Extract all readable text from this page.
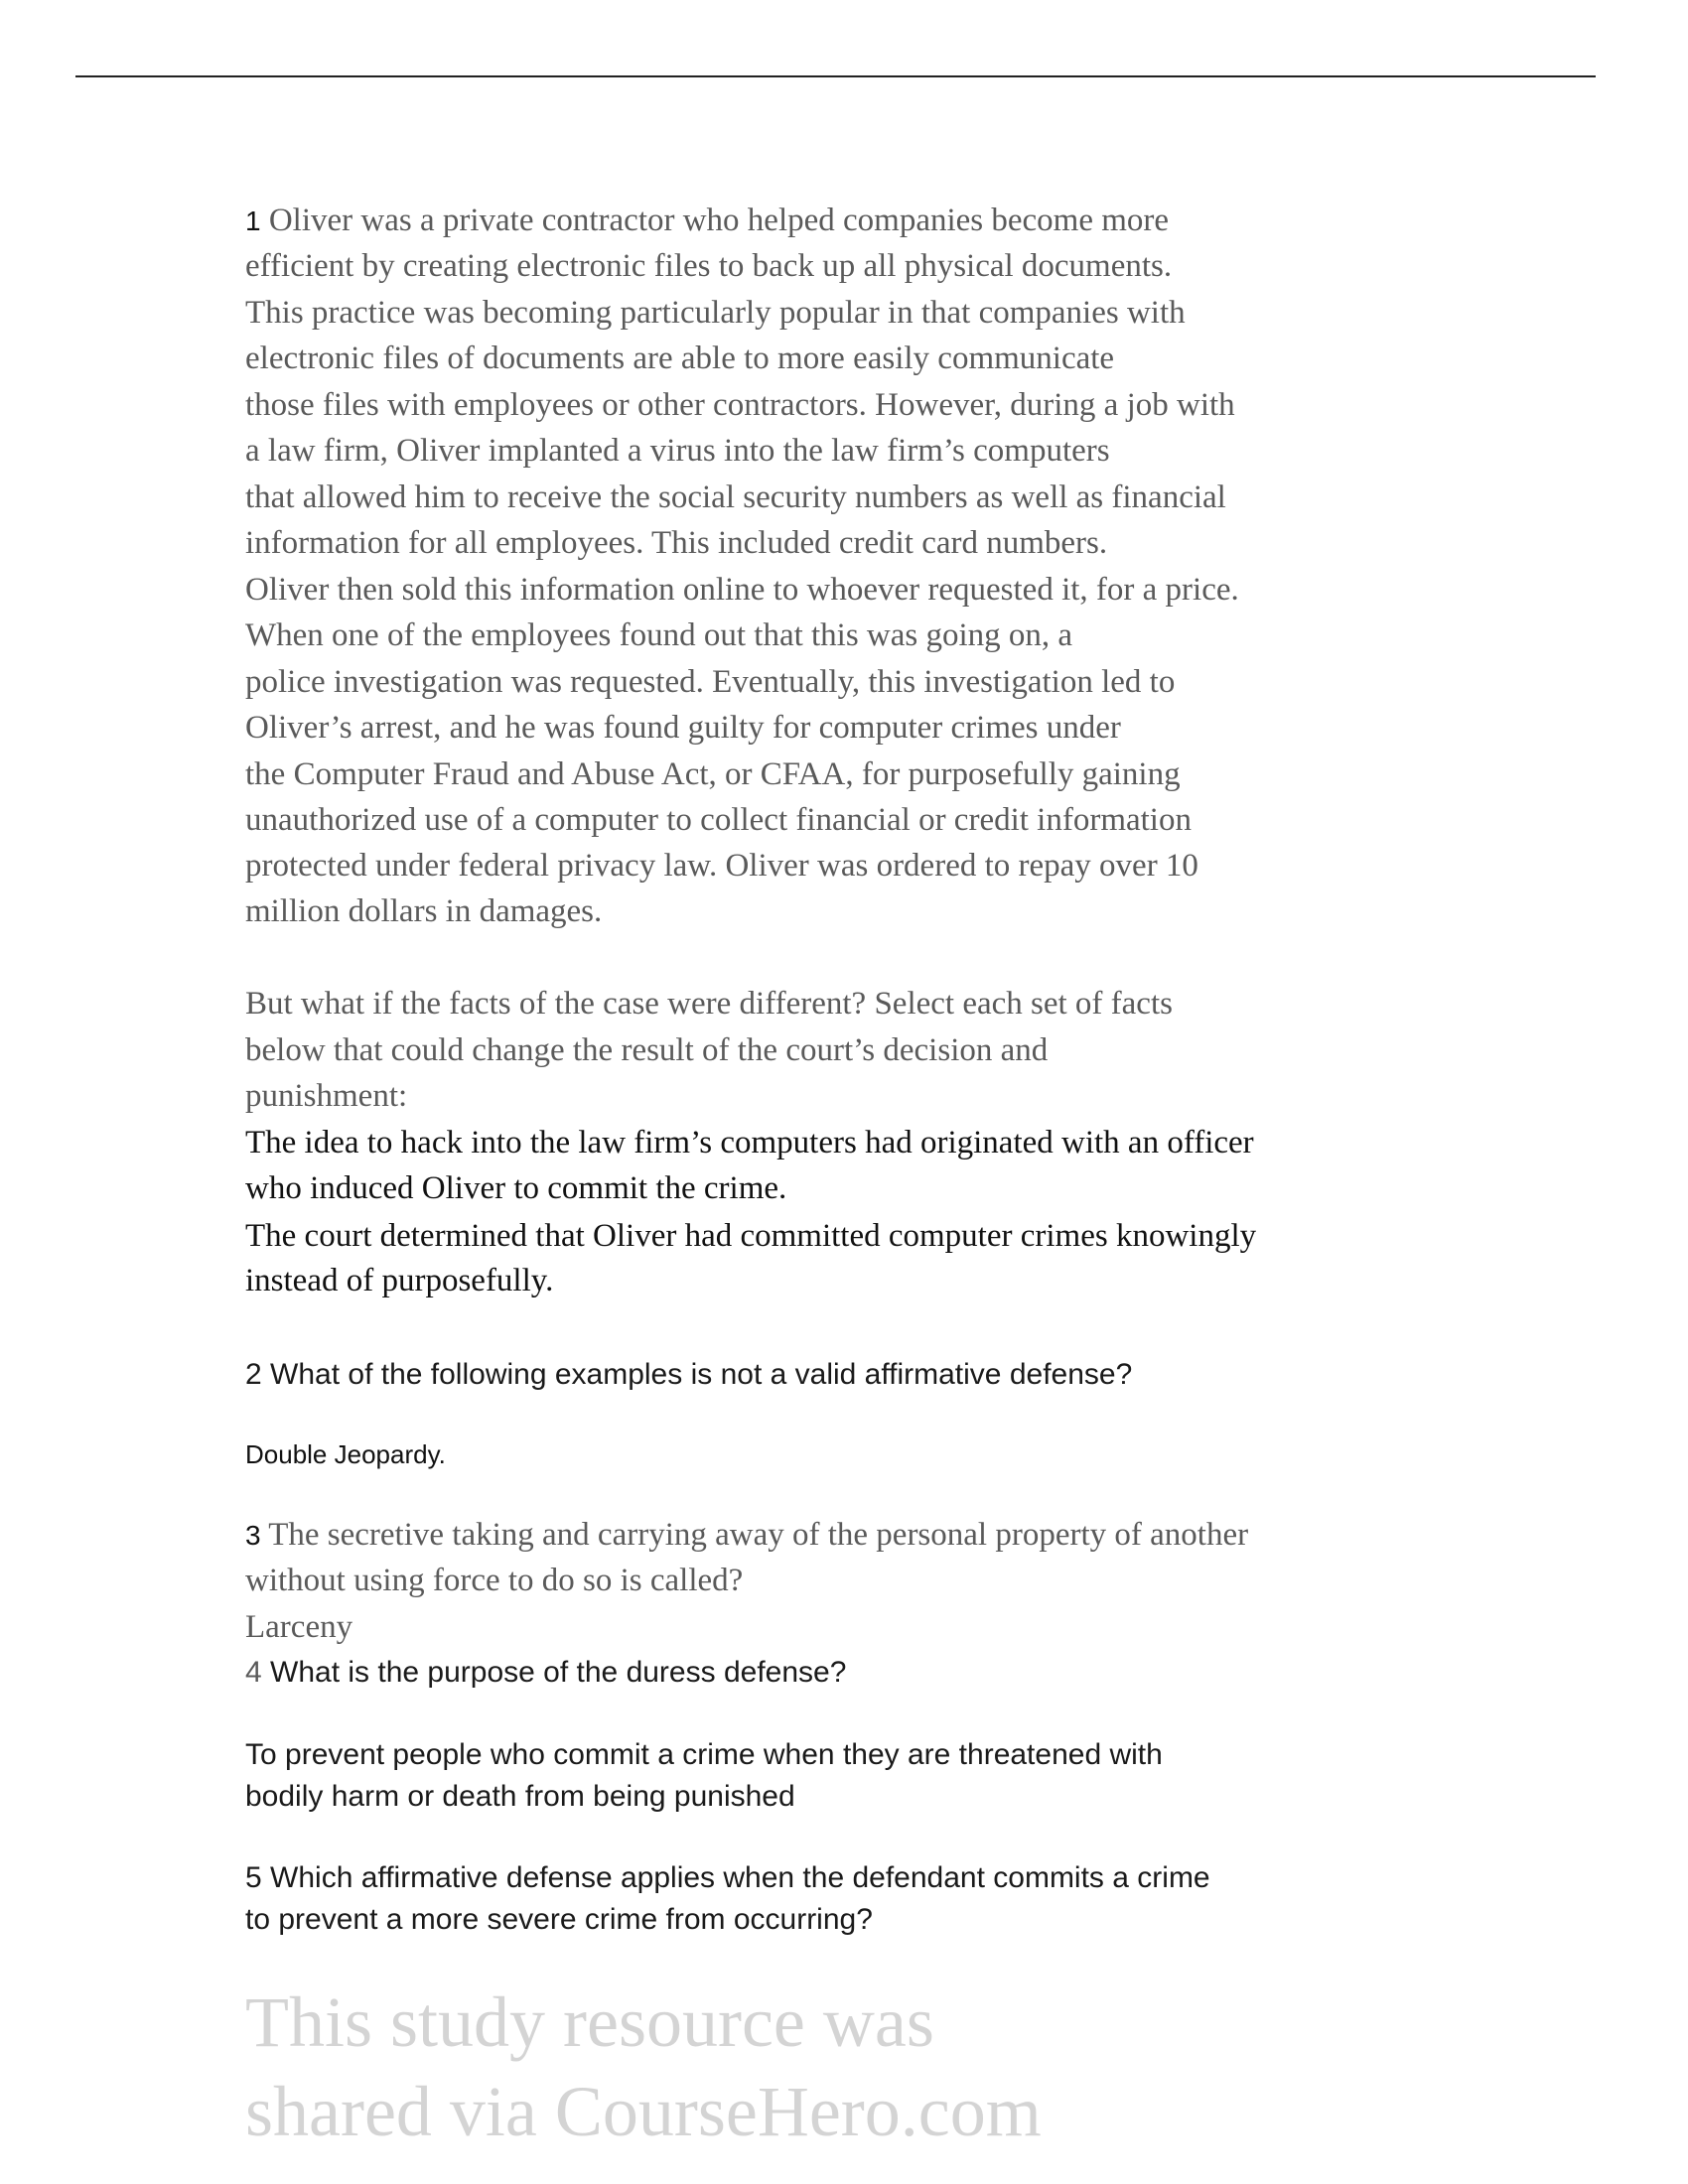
1 Oliver was a private contractor who helped companies become more
efficient by creating electronic files to back up all physical documents.
This practice was becoming particularly popular in that companies with
electronic files of documents are able to more easily communicate
those files with employees or other contractors. However, during a job with
a law firm, Oliver implanted a virus into the law firm’s computers
that allowed him to receive the social security numbers as well as financial
information for all employees. This included credit card numbers.
Oliver then sold this information online to whoever requested it, for a price.
When one of the employees found out that this was going on, a
police investigation was requested. Eventually, this investigation led to
Oliver’s arrest, and he was found guilty for computer crimes under
the Computer Fraud and Abuse Act, or CFAA, for purposefully gaining
unauthorized use of a computer to collect financial or credit information
protected under federal privacy law. Oliver was ordered to repay over 10
million dollars in damages.
But what if the facts of the case were different? Select each set of facts
below that could change the result of the court’s decision and
punishment:
The idea to hack into the law firm’s computers had originated with an officer
who induced Oliver to commit the crime.
The court determined that Oliver had committed computer crimes knowingly
instead of purposefully.
2 What of the following examples is not a valid affirmative defense?
Double Jeopardy.
3 The secretive taking and carrying away of the personal property of another
without using force to do so is called?
Larceny
4 What is the purpose of the duress defense?
To prevent people who commit a crime when they are threatened with
bodily harm or death from being punished
5 Which affirmative defense applies when the defendant commits a crime
to prevent a more severe crime from occurring?
This study resource was
shared via CourseHero.com
